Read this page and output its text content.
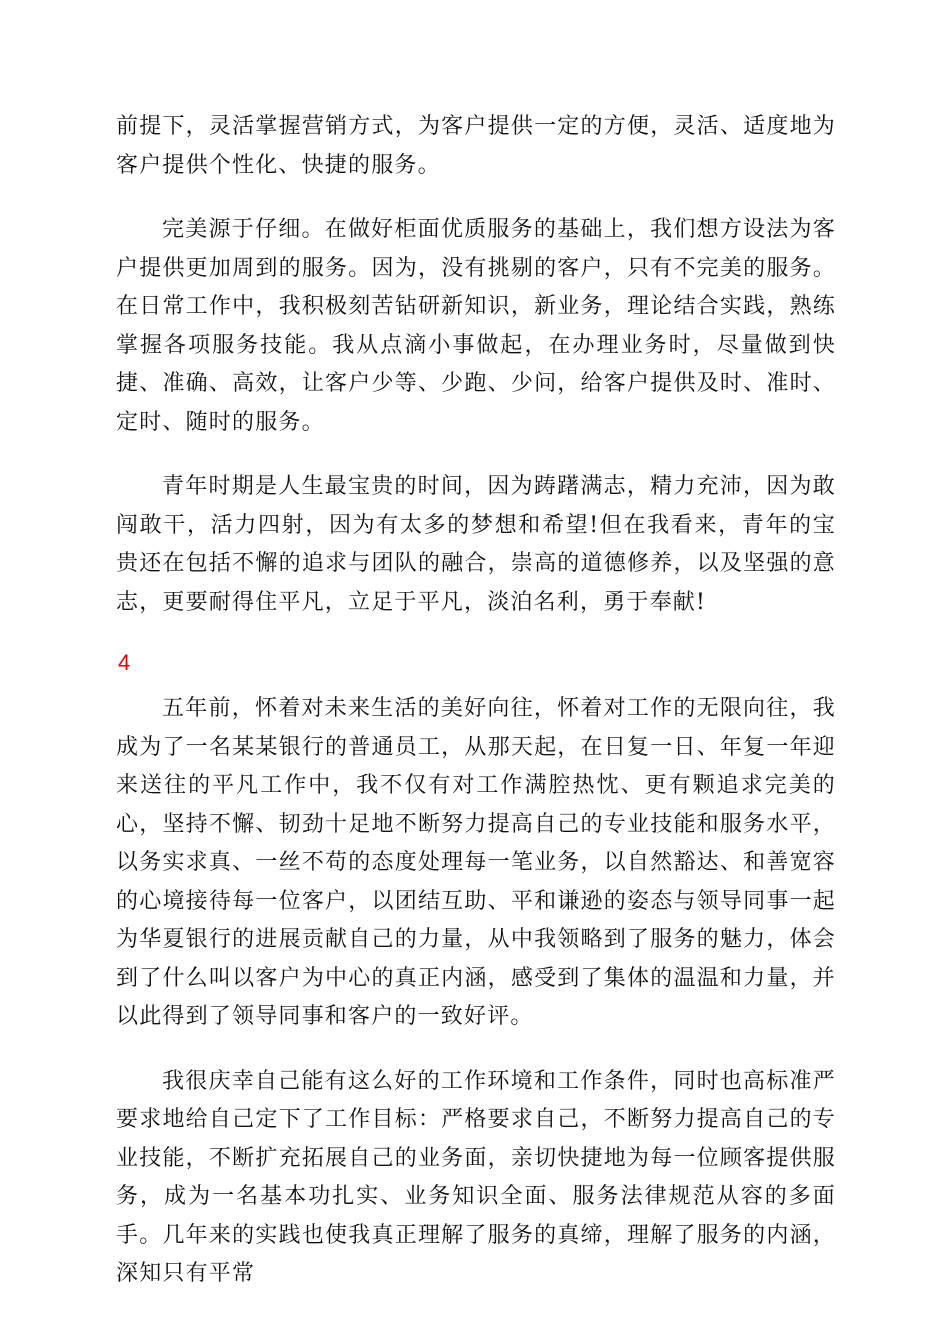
前提下，灵活掌握营销方式，为客户提供一定的方便，灵活、适度地为客户提供个性化、快捷的服务。

完美源于仔细。在做好柜面优质服务的基础上，我们想方设法为客户提供更加周到的服务。因为，没有挑剔的客户，只有不完美的服务。在日常工作中，我积极刻苦钻研新知识，新业务，理论结合实践，熟练掌握各项服务技能。我从点滴小事做起，在办理业务时，尽量做到快捷、准确、高效，让客户少等、少跑、少问，给客户提供及时、准时、定时、随时的服务。

青年时期是人生最宝贵的时间，因为踌躇满志，精力充沛，因为敢闯敢干，活力四射，因为有太多的梦想和希望!但在我看来，青年的宝贵还在包括不懈的追求与团队的融合，崇高的道德修养，以及坚强的意志，更要耐得住平凡，立足于平凡，淡泊名利，勇于奉献!

4

五年前，怀着对未来生活的美好向往，怀着对工作的无限向往，我成为了一名某某银行的普通员工，从那天起，在日复一日、年复一年迎来送往的平凡工作中，我不仅有对工作满腔热忱、更有颗追求完美的心，坚持不懈、韧劲十足地不断努力提高自己的专业技能和服务水平，以务实求真、一丝不苟的态度处理每一笔业务，以自然豁达、和善宽容的心境接待每一位客户，以团结互助、平和谦逊的姿态与领导同事一起为华夏银行的进展贡献自己的力量，从中我领略到了服务的魅力，体会到了什么叫以客户为中心的真正内涵，感受到了集体的温温和力量，并以此得到了领导同事和客户的一致好评。

我很庆幸自己能有这么好的工作环境和工作条件，同时也高标准严要求地给自己定下了工作目标：严格要求自己，不断努力提高自己的专业技能，不断扩充拓展自己的业务面，亲切快捷地为每一位顾客提供服务，成为一名基本功扎实、业务知识全面、服务法律规范从容的多面手。几年来的实践也使我真正理解了服务的真缔，理解了服务的内涵，深知只有平常
